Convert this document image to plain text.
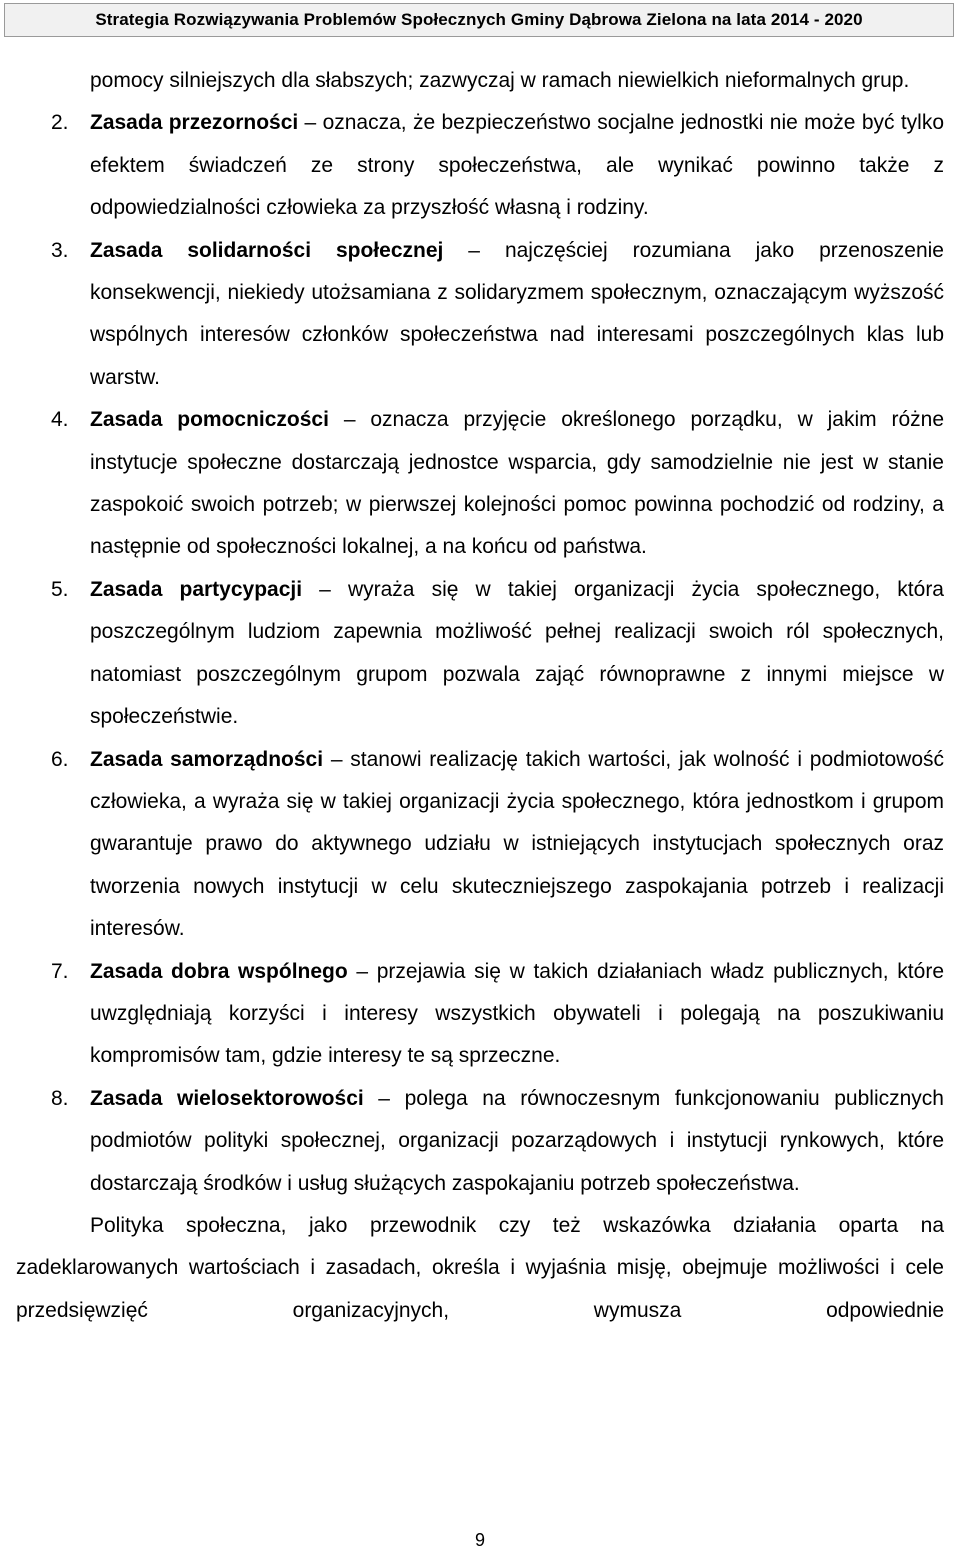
Strategia Rozwiązywania Problemów Społecznych Gminy Dąbrowa Zielona na lata 2014 - 2020

pomocy silniejszych dla słabszych; zazwyczaj w ramach niewielkich nieformalnych grup.

2. Zasada przezorności – oznacza, że bezpieczeństwo socjalne jednostki nie może być tylko efektem świadczeń ze strony społeczeństwa, ale wynikać powinno także z odpowiedzialności człowieka za przyszłość własną i rodziny.

3. Zasada solidarności społecznej – najczęściej rozumiana jako przenoszenie konsekwencji, niekiedy utożsamiana z solidaryzmem społecznym, oznaczającym wyższość wspólnych interesów członków społeczeństwa nad interesami poszczególnych klas lub warstw.

4. Zasada pomocniczości – oznacza przyjęcie określonego porządku, w jakim różne instytucje społeczne dostarczają jednostce wsparcia, gdy samodzielnie nie jest w stanie zaspokoić swoich potrzeb; w pierwszej kolejności pomoc powinna pochodzić od rodziny, a następnie od społeczności lokalnej, a na końcu od państwa.

5. Zasada partycypacji – wyraża się w takiej organizacji życia społecznego, która poszczególnym ludziom zapewnia możliwość pełnej realizacji swoich ról społecznych, natomiast poszczególnym grupom pozwala zająć równoprawne z innymi miejsce w społeczeństwie.

6. Zasada samorządności – stanowi realizację takich wartości, jak wolność i podmiotowość człowieka, a wyraża się w takiej organizacji życia społecznego, która jednostkom i grupom gwarantuje prawo do aktywnego udziału w istniejących instytucjach społecznych oraz tworzenia nowych instytucji w celu skuteczniejszego zaspokajania potrzeb i realizacji interesów.

7. Zasada dobra wspólnego – przejawia się w takich działaniach władz publicznych, które uwzględniają korzyści i interesy wszystkich obywateli i polegają na poszukiwaniu kompromisów tam, gdzie interesy te są sprzeczne.

8. Zasada wielosektorowości – polega na równoczesnym funkcjonowaniu publicznych podmiotów polityki społecznej, organizacji pozarządowych i instytucji rynkowych, które dostarczają środków i usług służących zaspokajaniu potrzeb społeczeństwa.

Polityka społeczna, jako przewodnik czy też wskazówka działania oparta na zadeklarowanych wartościach i zasadach, określa i wyjaśnia misję, obejmuje możliwości i cele przedsięwzięć organizacyjnych, wymusza odpowiednie

9
